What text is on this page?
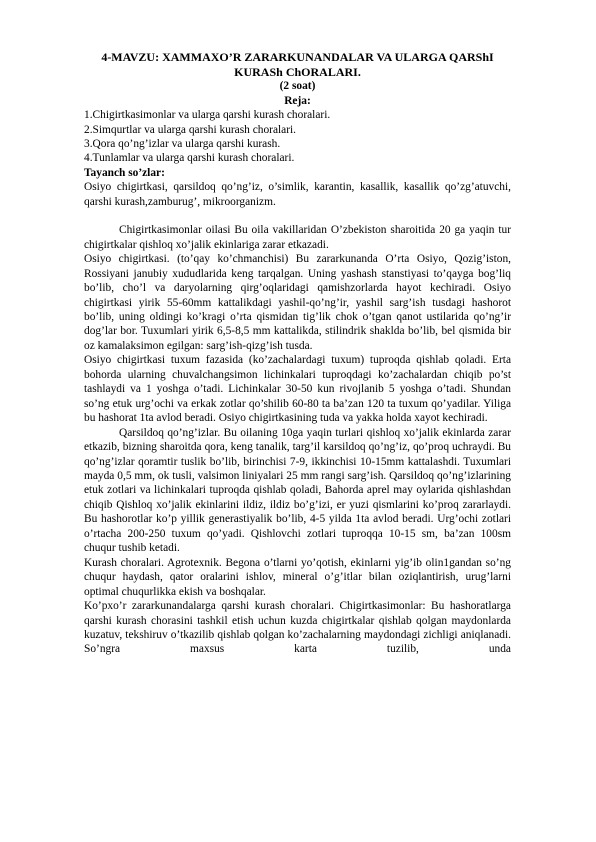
4-MAVZU: XAMMAXO’R ZARARKUNANDALAR VA ULARGA QARShI KURASh ChORALARI.
(2 soat)
Reja:
1.Chigirtkasimonlar va ularga qarshi kurash choralari.
2.Simqurtlar va ularga qarshi kurash choralari.
3.Qora qo’ng’izlar va ularga qarshi kurash.
4.Tunlamlar va ularga qarshi kurash choralari.
Tayanch so’zlar:
Osiyo chigirtkasi, qarsildoq qo’ng’iz, o’simlik, karantin, kasallik, kasallik qo’zg’atuvchi, qarshi kurash,zamburug’, mikroorganizm.
Chigirtkasimonlar oilasi Bu oila vakillaridan O’zbekiston sharoitida 20 ga yaqin tur chigirtkalar qishloq xo’jalik ekinlariga zarar etkazadi.
Osiyo chigirtkasi. (to’qay ko’chmanchisi) Bu zararkunanda O’rta Osiyo, Qozig’iston, Rossiyani janubiy xududlarida keng tarqalgan. Uning yashash stanstiyasi to’qayga bog’liq bo’lib, cho’l va daryolarning qirg’oqlaridagi qamishzorlarda hayot kechiradi. Osiyo chigirtkasi yirik 55-60mm kattalikdagi yashil-qo’ng’ir, yashil sarg’ish tusdagi hashorot bo’lib, uning oldingi ko’kragi o’rta qismidan tig’lik chok o’tgan qanot ustilarida qo’ng’ir dog’lar bor. Tuxumlari yirik 6,5-8,5 mm kattalikda, stilindrik shaklda bo’lib, bel qismida bir oz kamalaksimon egilgan: sarg’ish-qizg’ish tusda.
Osiyo chigirtkasi tuxum fazasida (ko’zachalardagi tuxum) tuproqda qishlab qoladi. Erta bohorda ularning chuvalchangsimon lichinkalari tuproqdagi ko’zachalardan chiqib po’st tashlaydi va 1 yoshga o’tadi. Lichinkalar 30-50 kun rivojlanib 5 yoshga o’tadi. Shundan so’ng etuk urg’ochi va erkak zotlar qo’shilib 60-80 ta ba’zan 120 ta tuxum qo’yadilar. Yiliga bu hashorat 1ta avlod beradi. Osiyo chigirtkasining tuda va yakka holda xayot kechiradi.
Qarsildoq qo’ng’izlar. Bu oilaning 10ga yaqin turlari qishloq xo’jalik ekinlarda zarar etkazib, bizning sharoitda qora, keng tanalik, targ’il karsildoq qo’ng’iz, qo’proq uchraydi. Bu qo’ng’izlar qoramtir tuslik bo’lib, birinchisi 7-9, ikkinchisi 10-15mm kattalashdi. Tuxumlari mayda 0,5 mm, ok tusli, valsimon liniyalari 25 mm rangi sarg’ish. Qarsildoq qo’ng’izlarining etuk zotlari va lichinkalari tuproqda qishlab qoladi, Bahorda aprel may oylarida qishlashdan chiqib Qishloq xo’jalik ekinlarini ildiz, ildiz bo’g’izi, er yuzi qismlarini ko’proq zararlaydi. Bu hashorotlar ko’p yillik generastiyalik bo’lib, 4-5 yilda 1ta avlod beradi. Urg’ochi zotlari o’rtacha 200-250 tuxum qo’yadi. Qishlovchi zotlari tuproqqa 10-15 sm, ba’zan 100sm chuqur tushib ketadi.
Kurash choralari. Agrotexnik. Begona o’tlarni yo’qotish, ekinlarni yig’ib olin1gandan so’ng chuqur haydash, qator oralarini ishlov, mineral o’g’itlar bilan oziqlantirish, urug’larni optimal chuqurlikka ekish va boshqalar.
Ko’pxo’r zararkunandalarga qarshi kurash choralari. Chigirtkasimonlar: Bu hashoratlarga qarshi kurash chorasini tashkil etish uchun kuzda chigirtkalar qishlab qolgan maydonlarda kuzatuv, tekshiruv o’tkazilib qishlab qolgan ko’zachalarning maydondagi zichligi aniqlanadi. So’ngra maxsus karta tuzilib, unda
